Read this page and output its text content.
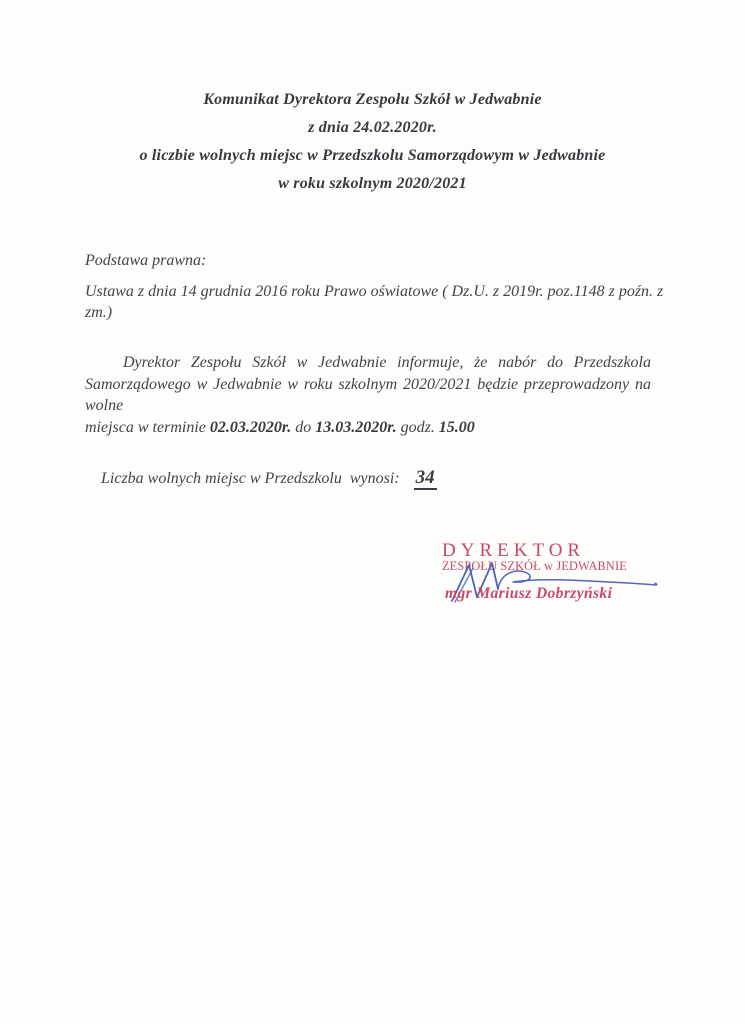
Komunikat Dyrektora Zespołu Szkół w Jedwabnie
z dnia 24.02.2020r.
o liczbie wolnych miejsc w Przedszkolu Samorządowym w Jedwabnie
w roku szkolnym 2020/2021
Podstawa prawna:
Ustawa z dnia 14 grudnia 2016 roku Prawo oświatowe ( Dz.U. z 2019r. poz.1148 z poźn. z
zm.)
Dyrektor Zespołu Szkół w Jedwabnie informuje, że nabór do Przedszkola
Samorządowego w Jedwabnie w roku szkolnym 2020/2021 będzie przeprowadzony na wolne
miejsca w terminie 02.03.2020r. do 13.03.2020r. godz. 15.00

Liczba wolnych miejsc w Przedszkolu  wynosi: 34

DYREKTOR
ZESPOŁU SZKÓŁ w JEDWABNIE
mgr Mariusz Dobrzyński
